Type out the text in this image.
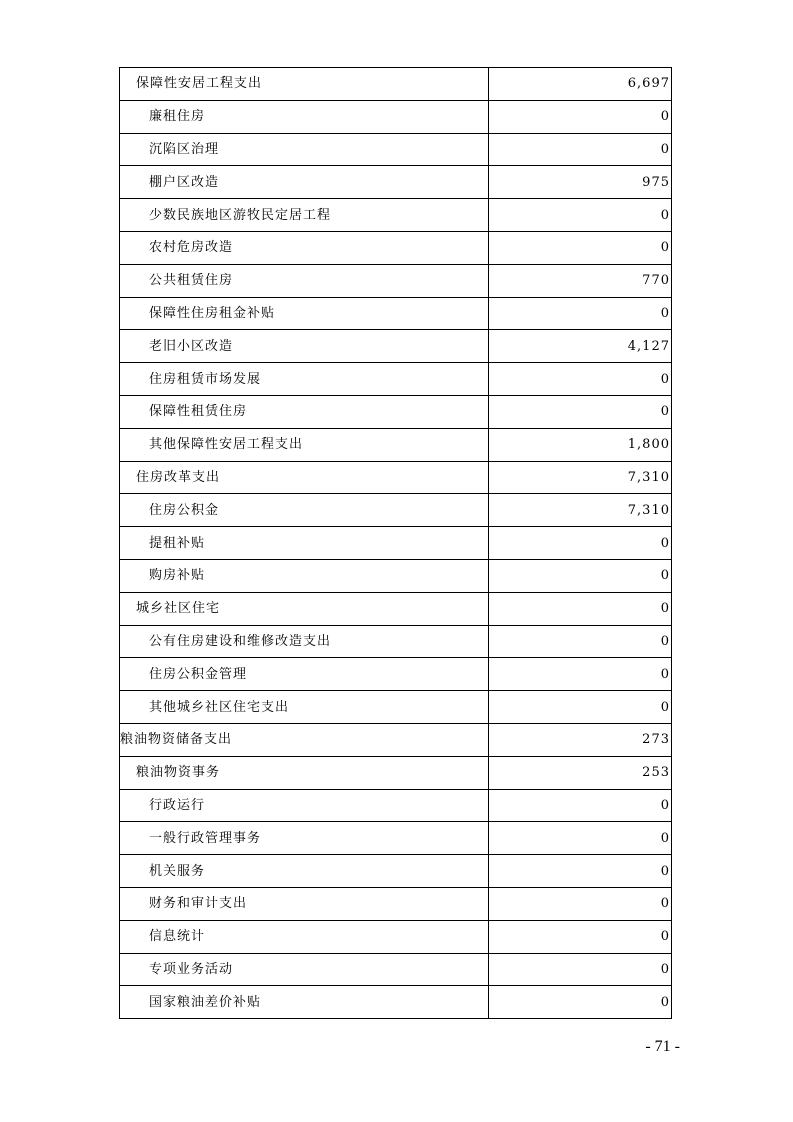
保障性安居工程支出	6,697
廉租住房	0
沉陷区治理	0
棚户区改造	975
少数民族地区游牧民定居工程	0
农村危房改造	0
公共租赁住房	770
保障性住房租金补贴	0
老旧小区改造	4,127
住房租赁市场发展	0
保障性租赁住房	0
其他保障性安居工程支出	1,800
住房改革支出	7,310
住房公积金	7,310
提租补贴	0
购房补贴	0
城乡社区住宅	0
公有住房建设和维修改造支出	0
住房公积金管理	0
其他城乡社区住宅支出	0
粮油物资储备支出	273
粮油物资事务	253
行政运行	0
一般行政管理事务	0
机关服务	0
财务和审计支出	0
信息统计	0
专项业务活动	0
国家粮油差价补贴	0
- 71 -
